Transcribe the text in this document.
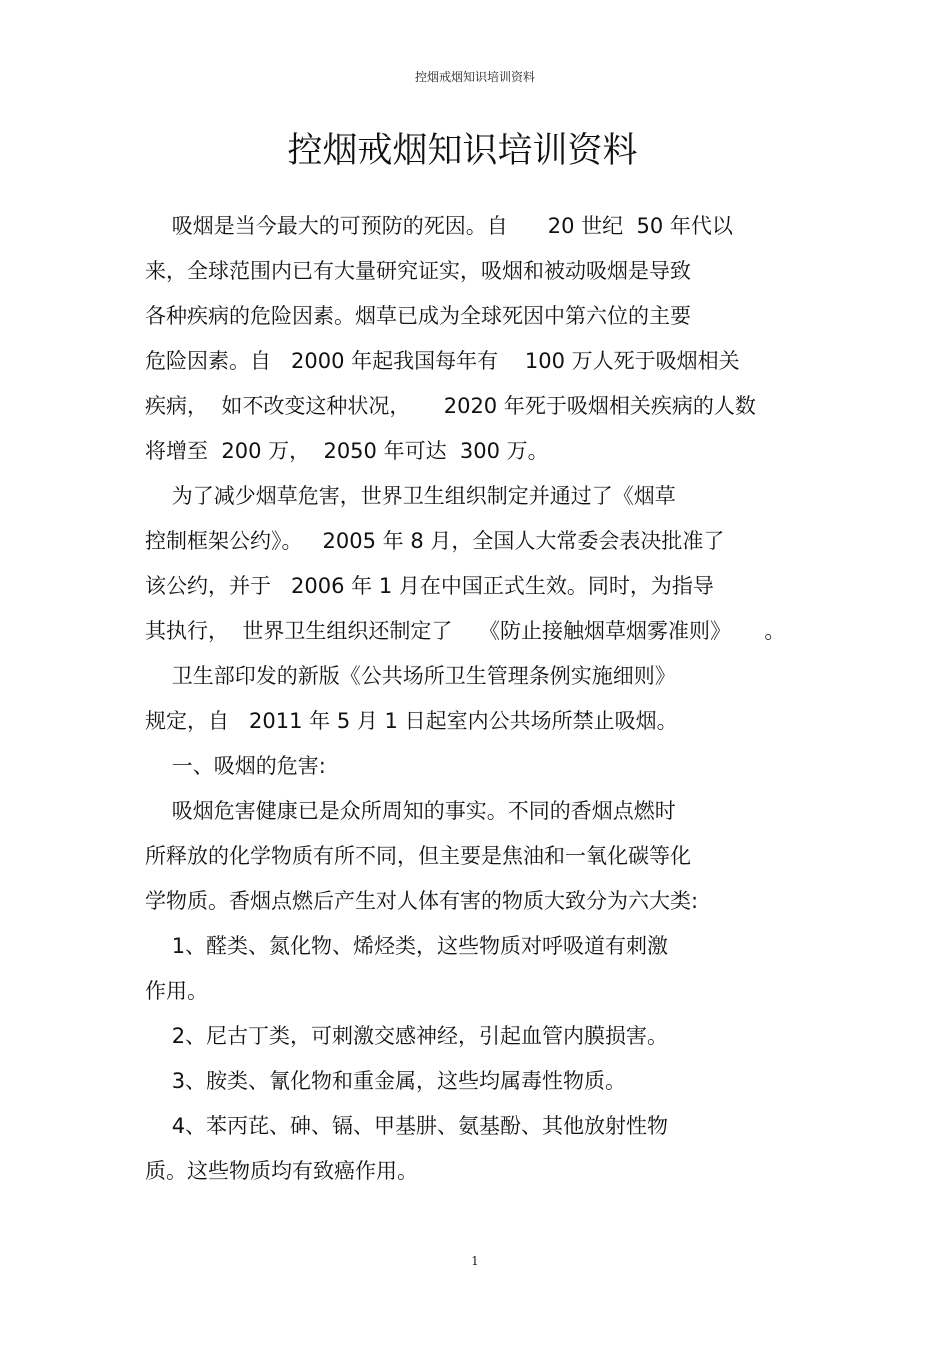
控烟戒烟知识培训资料
控烟戒烟知识培训资料
吸烟是当今最大的可预防的死因。自      20 世纪  50 年代以
来，全球范围内已有大量研究证实，吸烟和被动吸烟是导致
各种疾病的危险因素。烟草已成为全球死因中第六位的主要
危险因素。自   2000 年起我国每年有    100 万人死于吸烟相关
疾病，  如不改变这种状况，     2020 年死于吸烟相关疾病的人数
将增至  200 万，  2050 年可达  300 万。
为了减少烟草危害，世界卫生组织制定并通过了《烟草
控制框架公约》。   2005 年 8 月，全国人大常委会表决批准了
该公约，并于   2006 年 1 月在中国正式生效。同时，为指导
其执行，  世界卫生组织还制定了    《防止接触烟草烟雾准则》     。
卫生部印发的新版《公共场所卫生管理条例实施细则》
规定，自   2011 年 5 月 1 日起室内公共场所禁止吸烟。
一、吸烟的危害:
吸烟危害健康已是众所周知的事实。不同的香烟点燃时
所释放的化学物质有所不同，但主要是焦油和一氧化碳等化
学物质。香烟点燃后产生对人体有害的物质大致分为六大类:
1、醛类、氮化物、烯烃类，这些物质对呼吸道有刺激
作用。
2、尼古丁类，可刺激交感神经，引起血管内膜损害。
3、胺类、氰化物和重金属，这些均属毒性物质。
4、苯丙芘、砷、镉、甲基肼、氨基酚、其他放射性物
质。这些物质均有致癌作用。
1
